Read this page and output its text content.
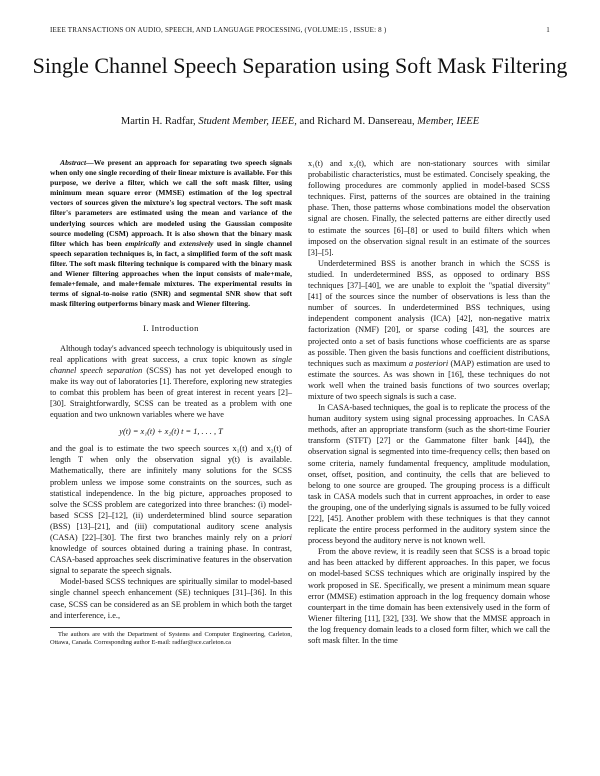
IEEE TRANSACTIONS ON AUDIO, SPEECH, AND LANGUAGE PROCESSING, (VOLUME:15 , ISSUE: 8 )	1
Single Channel Speech Separation using Soft Mask Filtering
Martin H. Radfar, Student Member, IEEE, and Richard M. Dansereau, Member, IEEE

Abstract—We present an approach for separating two speech signals when only one single recording of their linear mixture is available. For this purpose, we derive a filter, which we call the soft mask filter, using minimum mean square error (MMSE) estimation of the log spectral vectors of sources given the mixture's log spectral vectors. The soft mask filter's parameters are estimated using the mean and variance of the underlying sources which are modeled using the Gaussian composite source modeling (CSM) approach. It is also shown that the binary mask filter which has been empirically and extensively used in single channel speech separation techniques is, in fact, a simplified form of the soft mask filter. The soft mask filtering technique is compared with the binary mask and Wiener filtering approaches when the input consists of male+male, female+female, and male+female mixtures. The experimental results in terms of signal-to-noise ratio (SNR) and segmental SNR show that soft mask filtering outperforms binary mask and Wiener filtering.

I. Introduction

Although today's advanced speech technology is ubiquitously used in real applications with great success, a crux topic known as single channel speech separation (SCSS) has not yet developed enough to make its way out of laboratories [1]. Therefore, exploring new strategies to combat this problem has been of great interest in recent years [2]–[30]. Straightforwardly, SCSS can be treated as a problem with one equation and two unknown variables where we have

y(t) = x₁(t) + x₂(t) t = 1, . . . , T

and the goal is to estimate the two speech sources x₁(t) and x₂(t) of length T when only the observation signal y(t) is available. Mathematically, there are infinitely many solutions for the SCSS problem unless we impose some constraints on the sources, such as statistical independence. In the big picture, approaches proposed to solve the SCSS problem are categorized into three branches: (i) model-based SCSS [2]–[12], (ii) underdetermined blind source separation (BSS) [13]–[21], and (iii) computational auditory scene analysis (CASA) [22]–[30]. The first two branches mainly rely on a priori knowledge of sources obtained during a training phase. In contrast, CASA-based approaches seek discriminative features in the observation signal to separate the speech signals.

Model-based SCSS techniques are spiritually similar to model-based single channel speech enhancement (SE) techniques [31]–[36]. In this case, SCSS can be considered as an SE problem in which both the target and interference, i.e.,

The authors are with the Department of Systems and Computer Engineering, Carleton, Ottawa, Canada. Corresponding author E-mail: radfar@sce.carleton.ca

x₁(t) and x₂(t), which are non-stationary sources with similar probabilistic characteristics, must be estimated. Concisely speaking, the following procedures are commonly applied in model-based SCSS techniques. First, patterns of the sources are obtained in the training phase. Then, those patterns whose combinations model the observation signal are chosen. Finally, the selected patterns are either directly used to estimate the sources [6]–[8] or used to build filters which when imposed on the observation signal result in an estimate of the sources [3]–[5].

Underdetermined BSS is another branch in which the SCSS is studied. In underdetermined BSS, as opposed to ordinary BSS techniques [37]–[40], we are unable to exploit the "spatial diversity" [41] of the sources since the number of observations is less than the number of sources. In underdetermined BSS techniques, using independent component analysis (ICA) [42], non-negative matrix factorization (NMF) [20], or sparse coding [43], the sources are projected onto a set of basis functions whose coefficients are as sparse as possible. Then given the basis functions and coefficient distributions, techniques such as maximum a posteriori (MAP) estimation are used to estimate the sources. As was shown in [16], these techniques do not work well when the trained basis functions of two sources overlap; mixture of two speech signals is such a case.

In CASA-based techniques, the goal is to replicate the process of the human auditory system using signal processing approaches. In CASA methods, after an appropriate transform (such as the short-time Fourier transform (STFT) [27] or the Gammatone filter bank [44]), the observation signal is segmented into time-frequency cells; then based on some criteria, namely fundamental frequency, amplitude modulation, onset, offset, position, and continuity, the cells that are believed to belong to one source are grouped. The grouping process is a difficult task in CASA models such that in current approaches, in order to ease the grouping, one of the underlying signals is assumed to be fully voiced [22], [45]. Another problem with these techniques is that they cannot replicate the entire process performed in the auditory system since the process beyond the auditory nerve is not known well.

From the above review, it is readily seen that SCSS is a broad topic and has been attacked by different approaches. In this paper, we focus on model-based SCSS techniques which are originally inspired by the work proposed in SE. Specifically, we present a minimum mean square error (MMSE) estimation approach in the log frequency domain whose counterpart in the time domain has been extensively used in the form of Wiener filtering [11], [32], [33]. We show that the MMSE approach in the log frequency domain leads to a closed form filter, which we call the soft mask filter. In the time
